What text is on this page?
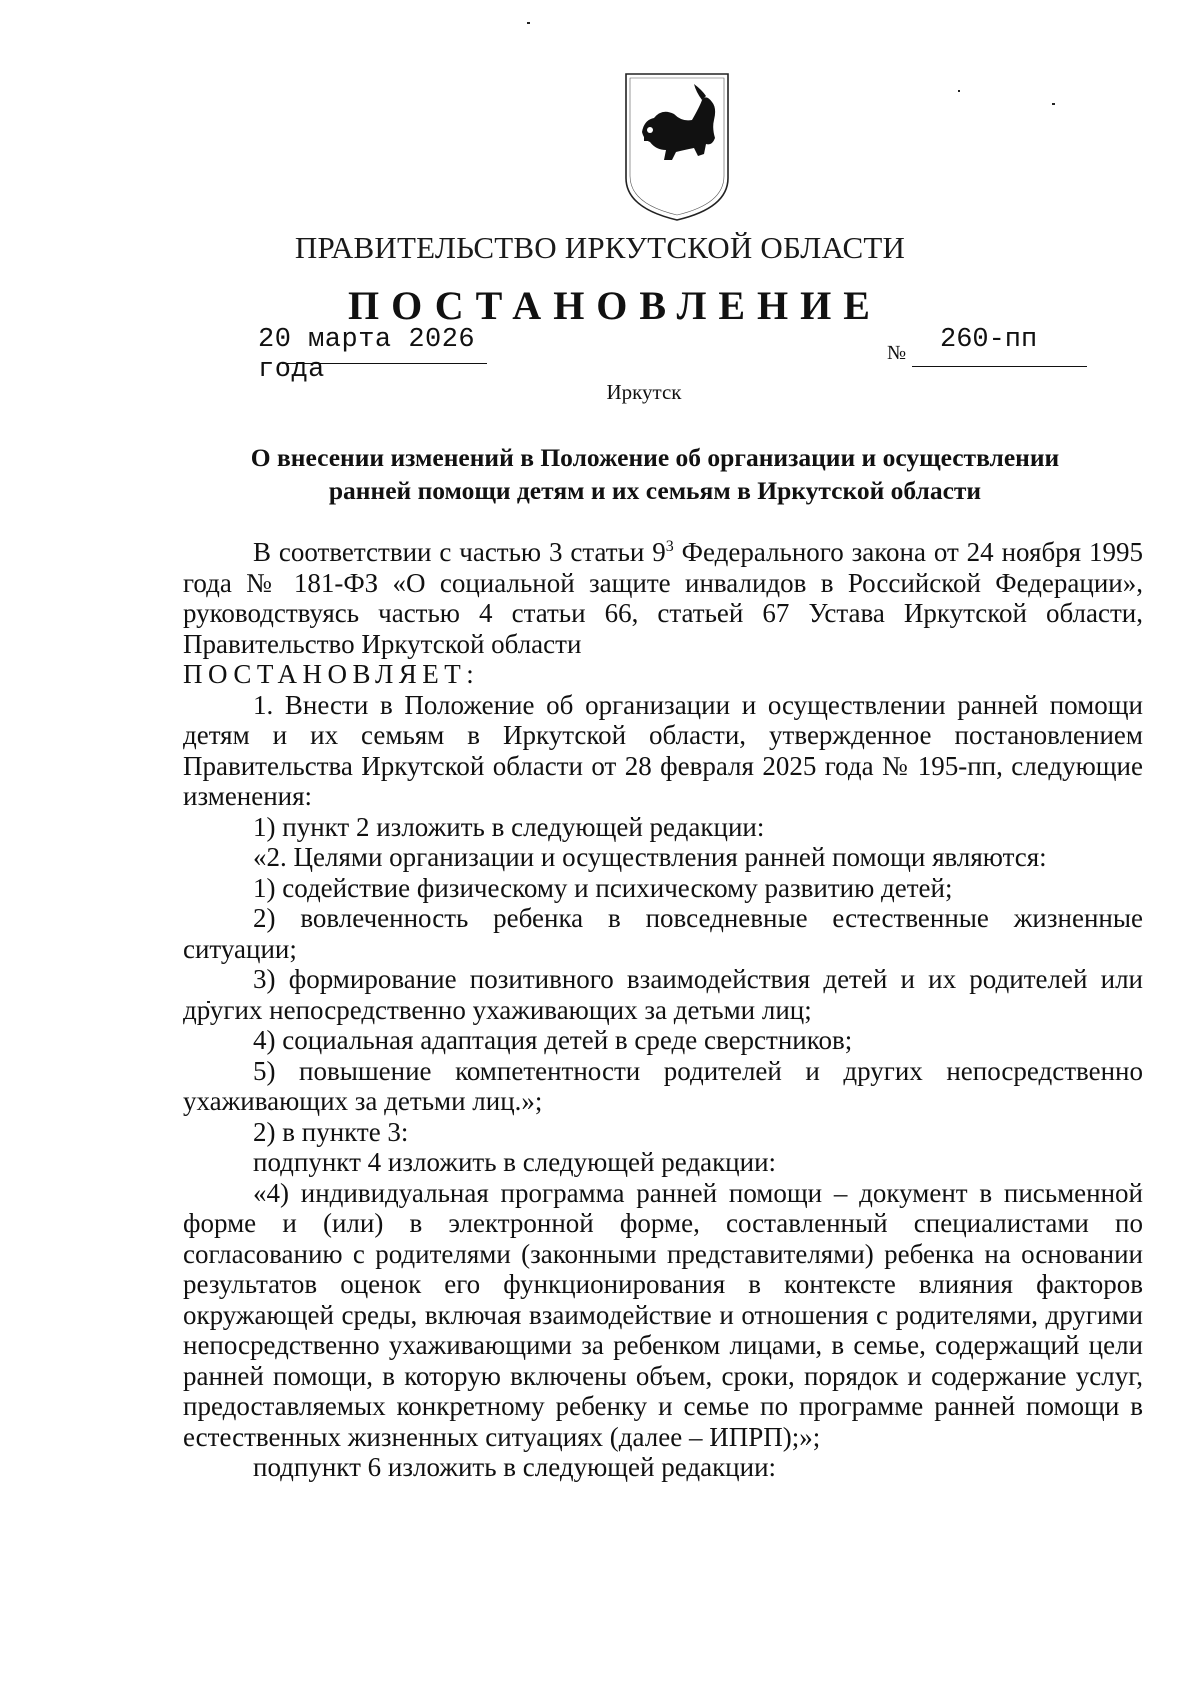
ПРАВИТЕЛЬСТВО ИРКУТСКОЙ ОБЛАСТИ
ПОСТАНОВЛЕНИЕ
20 марта 2026 года
№ 260-пп
Иркутск
О внесении изменений в Положение об организации и осуществлении
ранней помощи детям и их семьям в Иркутской области

В соответствии с частью 3 статьи $9^3$ Федерального закона от 24 ноября 1995 года № 181-ФЗ «О социальной защите инвалидов в Российской Федерации», руководствуясь частью 4 статьи 66, статьей 67 Устава Иркутской области, Правительство Иркутской области

ПОСТАНОВЛЯЕТ:

1. Внести в Положение об организации и осуществлении ранней помощи детям и их семьям в Иркутской области, утвержденное постановлением Правительства Иркутской области от 28 февраля 2025 года № 195-пп, следующие изменения:

1) пункт 2 изложить в следующей редакции:

«2. Целями организации и осуществления ранней помощи являются:

1) содействие физическому и психическому развитию детей;

2) вовлеченность ребенка в повседневные естественные жизненные ситуации;

3) формирование позитивного взаимодействия детей и их родителей или других непосредственно ухаживающих за детьми лиц;

4) социальная адаптация детей в среде сверстников;

5) повышение компетентности родителей и других непосредственно ухаживающих за детьми лиц.»;

2) в пункте 3:

подпункт 4 изложить в следующей редакции:

«4) индивидуальная программа ранней помощи – документ в письменной форме и (или) в электронной форме, составленный специалистами по согласованию с родителями (законными представителями) ребенка на основании результатов оценок его функционирования в контексте влияния факторов окружающей среды, включая взаимодействие и отношения с родителями, другими непосредственно ухаживающими за ребенком лицами, в семье, содержащий цели ранней помощи, в которую включены объем, сроки, порядок и содержание услуг, предоставляемых конкретному ребенку и семье по программе ранней помощи в естественных жизненных ситуациях (далее – ИПРП);»;

подпункт 6 изложить в следующей редакции:
